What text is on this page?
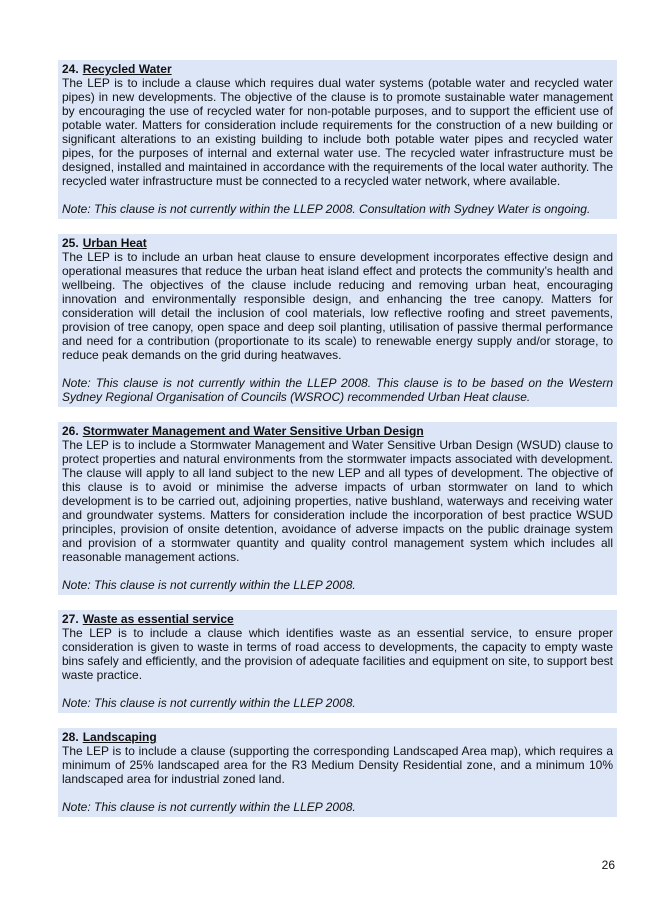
24. Recycled Water

The LEP is to include a clause which requires dual water systems (potable water and recycled water pipes) in new developments. The objective of the clause is to promote sustainable water management by encouraging the use of recycled water for non-potable purposes, and to support the efficient use of potable water. Matters for consideration include requirements for the construction of a new building or significant alterations to an existing building to include both potable water pipes and recycled water pipes, for the purposes of internal and external water use. The recycled water infrastructure must be designed, installed and maintained in accordance with the requirements of the local water authority. The recycled water infrastructure must be connected to a recycled water network, where available.

Note: This clause is not currently within the LLEP 2008. Consultation with Sydney Water is ongoing.

25. Urban Heat

The LEP is to include an urban heat clause to ensure development incorporates effective design and operational measures that reduce the urban heat island effect and protects the community’s health and wellbeing. The objectives of the clause include reducing and removing urban heat, encouraging innovation and environmentally responsible design, and enhancing the tree canopy. Matters for consideration will detail the inclusion of cool materials, low reflective roofing and street pavements, provision of tree canopy, open space and deep soil planting, utilisation of passive thermal performance and need for a contribution (proportionate to its scale) to renewable energy supply and/or storage, to reduce peak demands on the grid during heatwaves.

Note: This clause is not currently within the LLEP 2008. This clause is to be based on the Western Sydney Regional Organisation of Councils (WSROC) recommended Urban Heat clause.

26. Stormwater Management and Water Sensitive Urban Design

The LEP is to include a Stormwater Management and Water Sensitive Urban Design (WSUD) clause to protect properties and natural environments from the stormwater impacts associated with development. The clause will apply to all land subject to the new LEP and all types of development. The objective of this clause is to avoid or minimise the adverse impacts of urban stormwater on land to which development is to be carried out, adjoining properties, native bushland, waterways and receiving water and groundwater systems. Matters for consideration include the incorporation of best practice WSUD principles, provision of onsite detention, avoidance of adverse impacts on the public drainage system and provision of a stormwater quantity and quality control management system which includes all reasonable management actions.

Note: This clause is not currently within the LLEP 2008.

27. Waste as essential service

The LEP is to include a clause which identifies waste as an essential service, to ensure proper consideration is given to waste in terms of road access to developments, the capacity to empty waste bins safely and efficiently, and the provision of adequate facilities and equipment on site, to support best waste practice.

Note: This clause is not currently within the LLEP 2008.

28. Landscaping

The LEP is to include a clause (supporting the corresponding Landscaped Area map), which requires a minimum of 25% landscaped area for the R3 Medium Density Residential zone, and a minimum 10% landscaped area for industrial zoned land.

Note: This clause is not currently within the LLEP 2008.

26
